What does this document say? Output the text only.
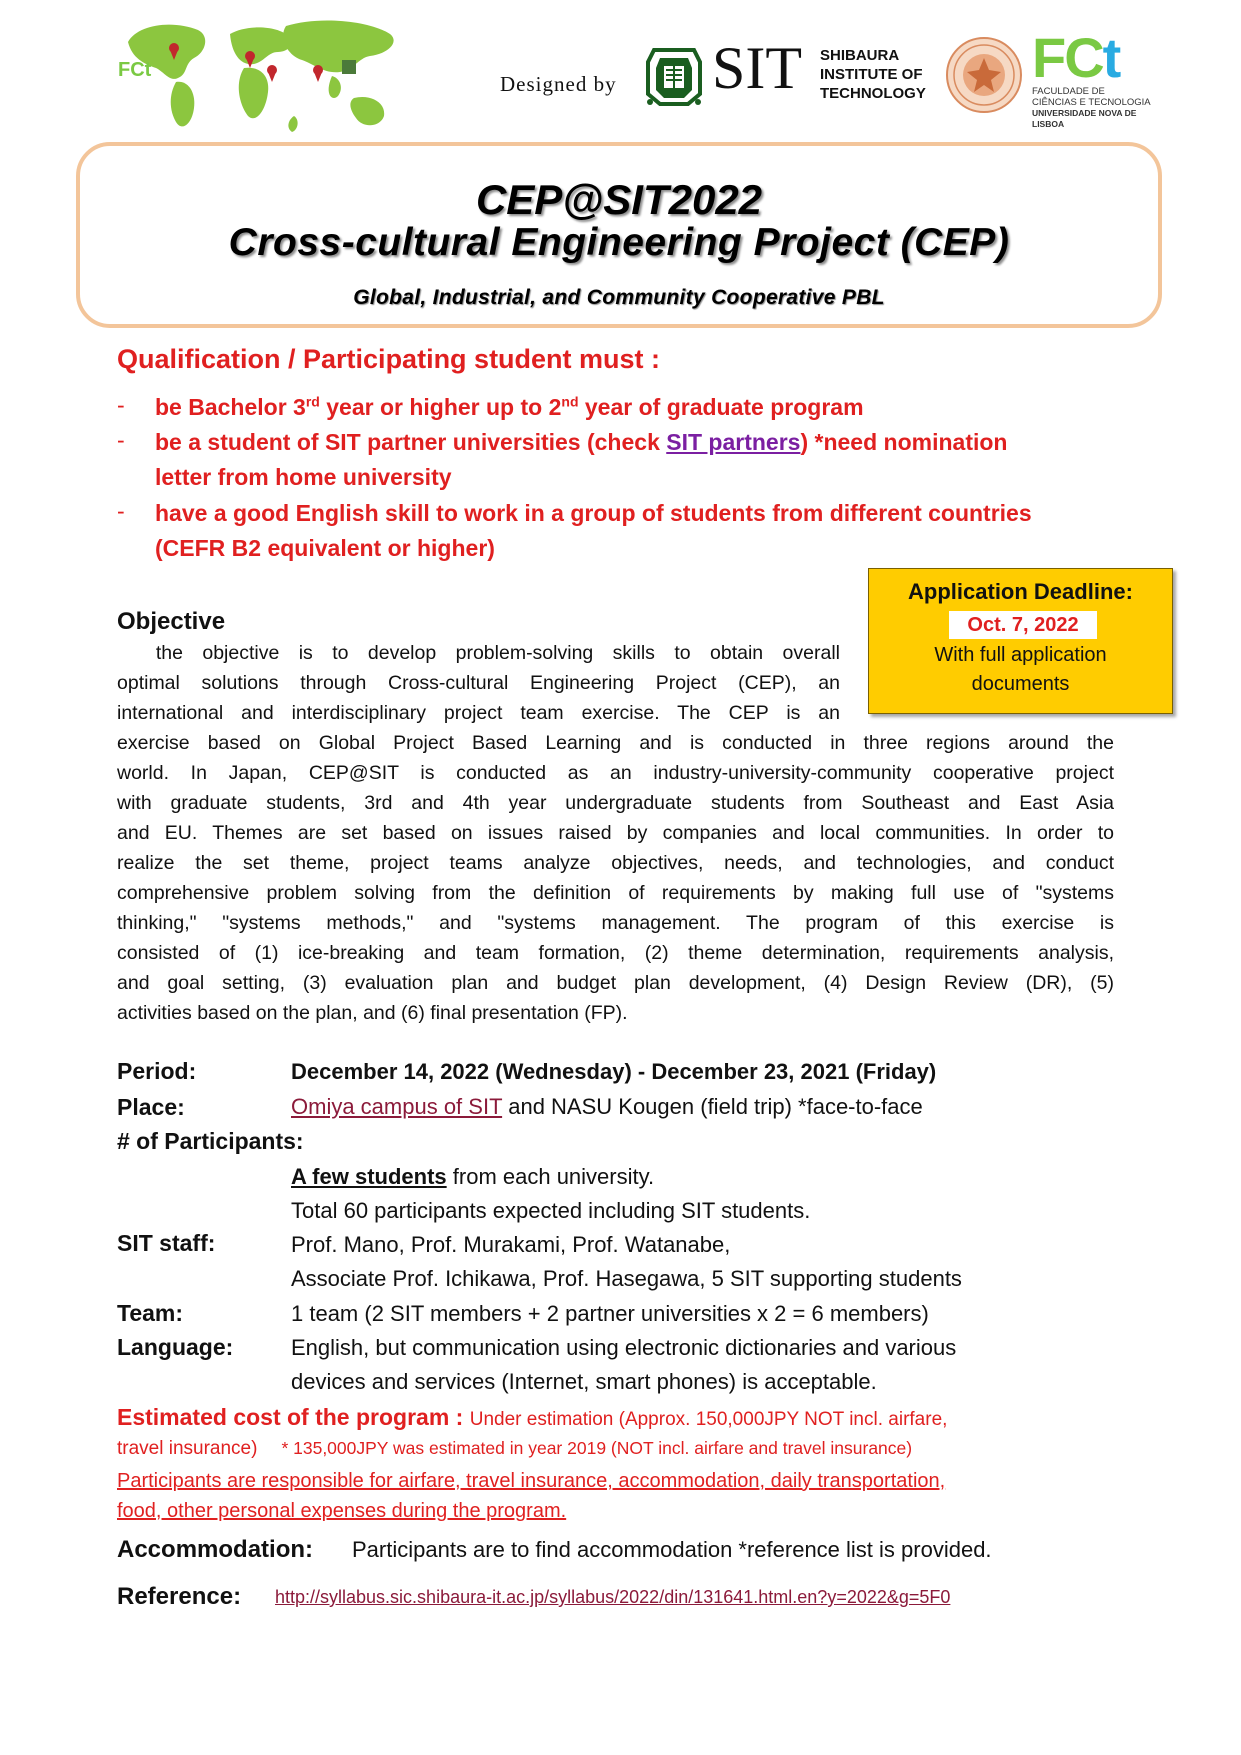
FCt
Designed by SIT SHIBAURA
INSTITUTE OF
TECHNOLOGY
FCt
FACULDADE DE
CIÊNCIAS E TECNOLOGIA
UNIVERSIDADE NOVA DE LISBOA
CEP@SIT2022
Cross-cultural Engineering Project (CEP)
Global, Industrial, and Community Cooperative PBL
Qualification / Participating student must :
- be Bachelor 3rd year or higher up to 2nd year of graduate program
- be a student of SIT partner universities (check SIT partners) *need nomination
letter from home university
- have a good English skill to work in a group of students from different countries
(CEFR B2 equivalent or higher)
Application Deadline:
Oct. 7, 2022
With full application
documents
Objective
the objective is to develop problem-solving skills to obtain overall
optimal solutions through Cross-cultural Engineering Project (CEP), an
international and interdisciplinary project team exercise. The CEP is an
exercise based on Global Project Based Learning and is conducted in three regions around the
world. In Japan, CEP@SIT is conducted as an industry-university-community cooperative project
with graduate students, 3rd and 4th year undergraduate students from Southeast and East Asia
and EU. Themes are set based on issues raised by companies and local communities. In order to
realize the set theme, project teams analyze objectives, needs, and technologies, and conduct
comprehensive problem solving from the definition of requirements by making full use of "systems
thinking," "systems methods," and "systems management. The program of this exercise is
consisted of (1) ice-breaking and team formation, (2) theme determination, requirements analysis,
and goal setting, (3) evaluation plan and budget plan development, (4) Design Review (DR), (5)
activities based on the plan, and (6) final presentation (FP).
Period:	December 14, 2022 (Wednesday) - December 23, 2021 (Friday)
Place:	Omiya campus of SIT and NASU Kougen (field trip) *face-to-face
# of Participants:
A few students from each university.
Total 60 participants expected including SIT students.
SIT staff:	Prof. Mano, Prof. Murakami, Prof. Watanabe,
Associate Prof. Ichikawa, Prof. Hasegawa, 5 SIT supporting students
Team:	1 team (2 SIT members + 2 partner universities x 2 = 6 members)
Language:	English, but communication using electronic dictionaries and various
devices and services (Internet, smart phones) is acceptable.
Estimated cost of the program : Under estimation (Approx. 150,000JPY NOT incl. airfare,
travel insurance) * 135,000JPY was estimated in year 2019 (NOT incl. airfare and travel insurance)
Participants are responsible for airfare, travel insurance, accommodation, daily transportation,
food, other personal expenses during the program.
Accommodation: Participants are to find accommodation *reference list is provided.
Reference: http://syllabus.sic.shibaura-it.ac.jp/syllabus/2022/din/131641.html.en?y=2022&g=5F0
